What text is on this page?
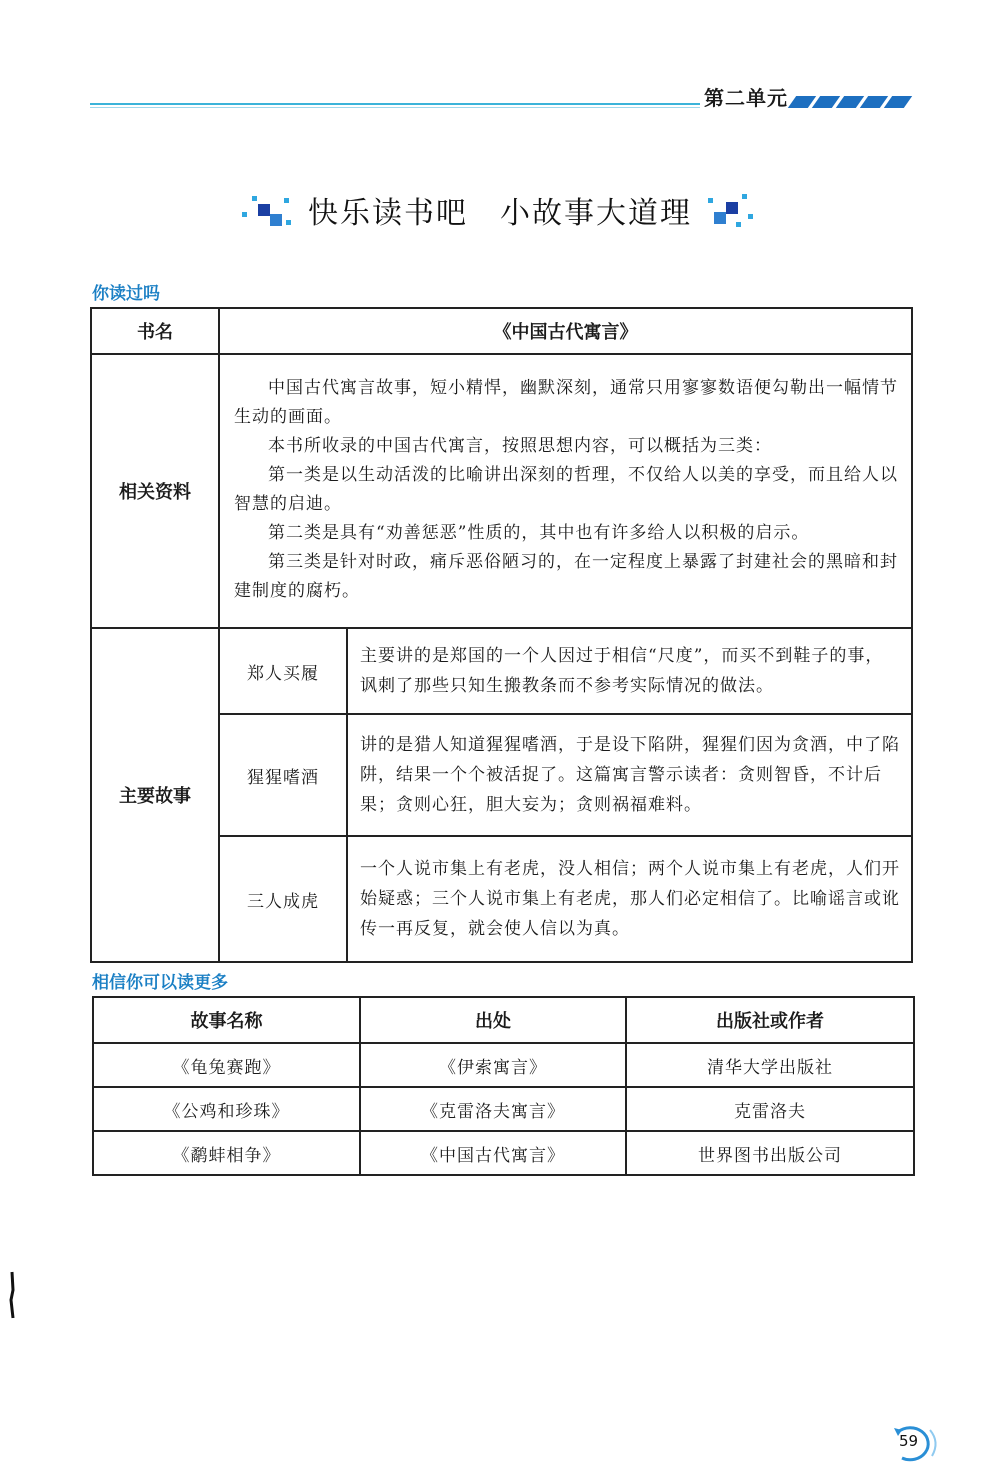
第二单元
快乐读书吧　小故事大道理
你读过吗
书名	《中国古代寓言》	
相关资料	中国古代寓言故事，短小精悍，幽默深刻，通常只用寥寥数语便勾勒出一幅情节生动的画面。

本书所收录的中国古代寓言，按照思想内容，可以概括为三类：

第一类是以生动活泼的比喻讲出深刻的哲理，不仅给人以美的享受，而且给人以智慧的启迪。

第二类是具有“劝善惩恶”性质的，其中也有许多给人以积极的启示。

第三类是针对时政，痛斥恶俗陋习的，在一定程度上暴露了封建社会的黑暗和封建制度的腐朽。	

主要故事	郑人买履	主要讲的是郑国的一个人因过于相信“尺度”，而买不到鞋子的事，讽刺了那些只知生搬教条而不参考实际情况的做法。
	猩猩嗜酒	讲的是猎人知道猩猩嗜酒，于是设下陷阱，猩猩们因为贪酒，中了陷阱，结果一个个被活捉了。这篇寓言警示读者：贪则智昏，不计后果；贪则心狂，胆大妄为；贪则祸福难料。
	三人成虎	一个人说市集上有老虎，没人相信；两个人说市集上有老虎，人们开始疑惑；三个人说市集上有老虎，那人们必定相信了。比喻谣言或讹传一再反复，就会使人信以为真。
相信你可以读更多
故事名称	出处	出版社或作者
《龟兔赛跑》	《伊索寓言》	清华大学出版社
《公鸡和珍珠》	《克雷洛夫寓言》	克雷洛夫
《鹬蚌相争》	《中国古代寓言》	世界图书出版公司
59
